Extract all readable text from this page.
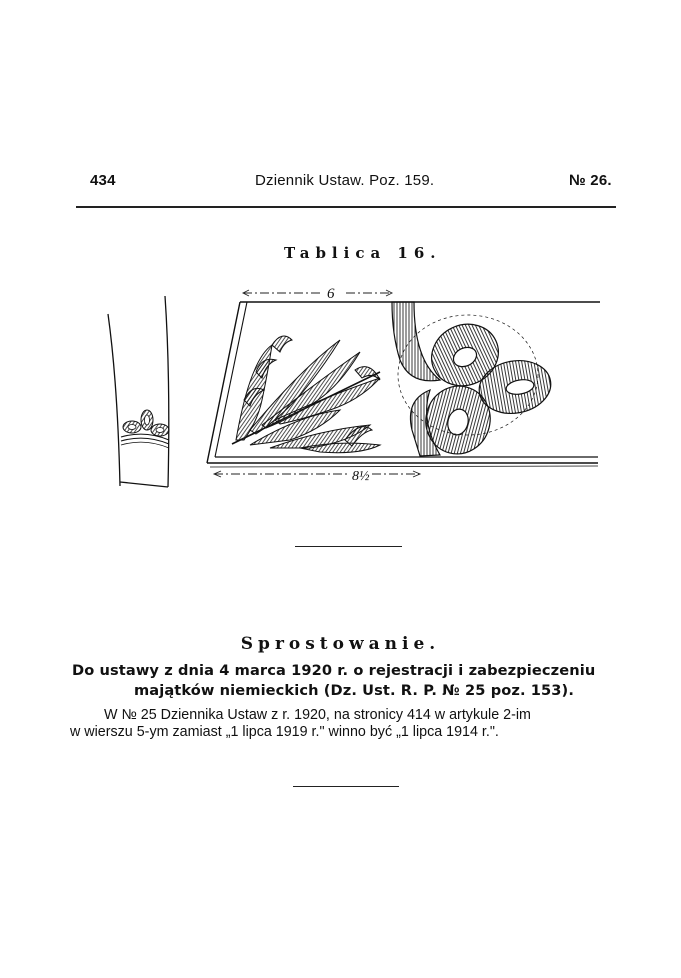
434	Dziennik Ustaw. Poz. 159.	№ 26.
Tablica 16.
6
8½
Sprostowanie.
Do ustawy z dnia 4 marca 1920 r. o rejestracji i zabezpieczeniu
majątków niemieckich (Dz. Ust. R. P. № 25 poz. 153).
W № 25 Dziennika Ustaw z r. 1920, na stronicy 414 w artykule 2-im
w wierszu 5-ym zamiast „1 lipca 1919 r." winno być „1 lipca 1914 r.".
